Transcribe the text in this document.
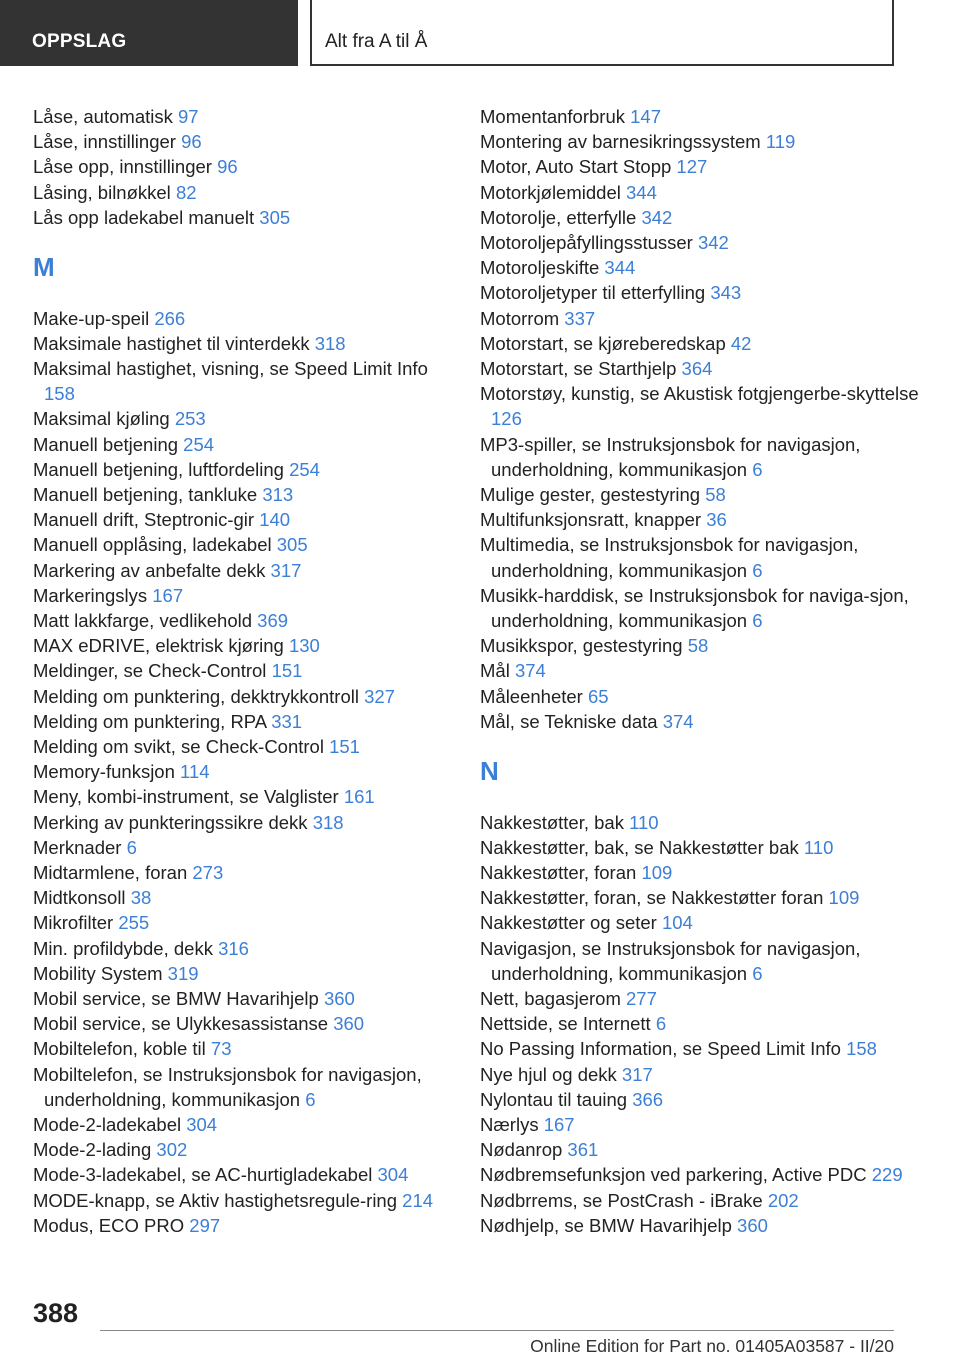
OPPSLAG	Alt fra A til Å
Låse, automatisk 97
Låse, innstillinger 96
Låse opp, innstillinger 96
Låsing, bilnøkkel 82
Lås opp ladekabel manuelt 305
M
Make-up-speil 266
Maksimale hastighet til vinterdekk 318
Maksimal hastighet, visning, se Speed Limit Info 158
Maksimal kjøling 253
Manuell betjening 254
Manuell betjening, luftfordeling 254
Manuell betjening, tankluke 313
Manuell drift, Steptronic-gir 140
Manuell opplåsing, ladekabel 305
Markering av anbefalte dekk 317
Markeringslys 167
Matt lakkfarge, vedlikehold 369
MAX eDRIVE, elektrisk kjøring 130
Meldinger, se Check-Control 151
Melding om punktering, dekktrykkontroll 327
Melding om punktering, RPA 331
Melding om svikt, se Check-Control 151
Memory-funksjon 114
Meny, kombi-instrument, se Valglister 161
Merking av punkteringssikre dekk 318
Merknader 6
Midtarmlene, foran 273
Midtkonsoll 38
Mikrofilter 255
Min. profildybde, dekk 316
Mobility System 319
Mobil service, se BMW Havarihjelp 360
Mobil service, se Ulykkesassistanse 360
Mobiltelefon, koble til 73
Mobiltelefon, se Instruksjonsbok for navigasjon, underholdning, kommunikasjon 6
Mode-2-ladekabel 304
Mode-2-lading 302
Mode-3-ladekabel, se AC-hurtigladekabel 304
MODE-knapp, se Aktiv hastighetsregule-ring 214
Modus, ECO PRO 297
Momentanforbruk 147
Montering av barnesikringssystem 119
Motor, Auto Start Stopp 127
Motorkjølemiddel 344
Motorolje, etterfylle 342
Motoroljepåfyllingsstusser 342
Motoroljeskifte 344
Motoroljetyper til etterfylling 343
Motorrom 337
Motorstart, se kjøreberedskap 42
Motorstart, se Starthjelp 364
Motorstøy, kunstig, se Akustisk fotgjengerbe-skyttelse 126
MP3-spiller, se Instruksjonsbok for navigasjon, underholdning, kommunikasjon 6
Mulige gester, gestestyring 58
Multifunksjonsratt, knapper 36
Multimedia, se Instruksjonsbok for navigasjon, underholdning, kommunikasjon 6
Musikk-harddisk, se Instruksjonsbok for naviga-sjon, underholdning, kommunikasjon 6
Musikkspor, gestestyring 58
Mål 374
Måleenheter 65
Mål, se Tekniske data 374
N
Nakkestøtter, bak 110
Nakkestøtter, bak, se Nakkestøtter bak 110
Nakkestøtter, foran 109
Nakkestøtter, foran, se Nakkestøtter foran 109
Nakkestøtter og seter 104
Navigasjon, se Instruksjonsbok for navigasjon, underholdning, kommunikasjon 6
Nett, bagasjerom 277
Nettside, se Internett 6
No Passing Information, se Speed Limit Info 158
Nye hjul og dekk 317
Nylontau til tauing 366
Nærlys 167
Nødanrop 361
Nødbremsefunksjon ved parkering, Active PDC 229
Nødbrrems, se PostCrash - iBrake 202
Nødhjelp, se BMW Havarihjelp 360
388
Online Edition for Part no. 01405A03587 - II/20
